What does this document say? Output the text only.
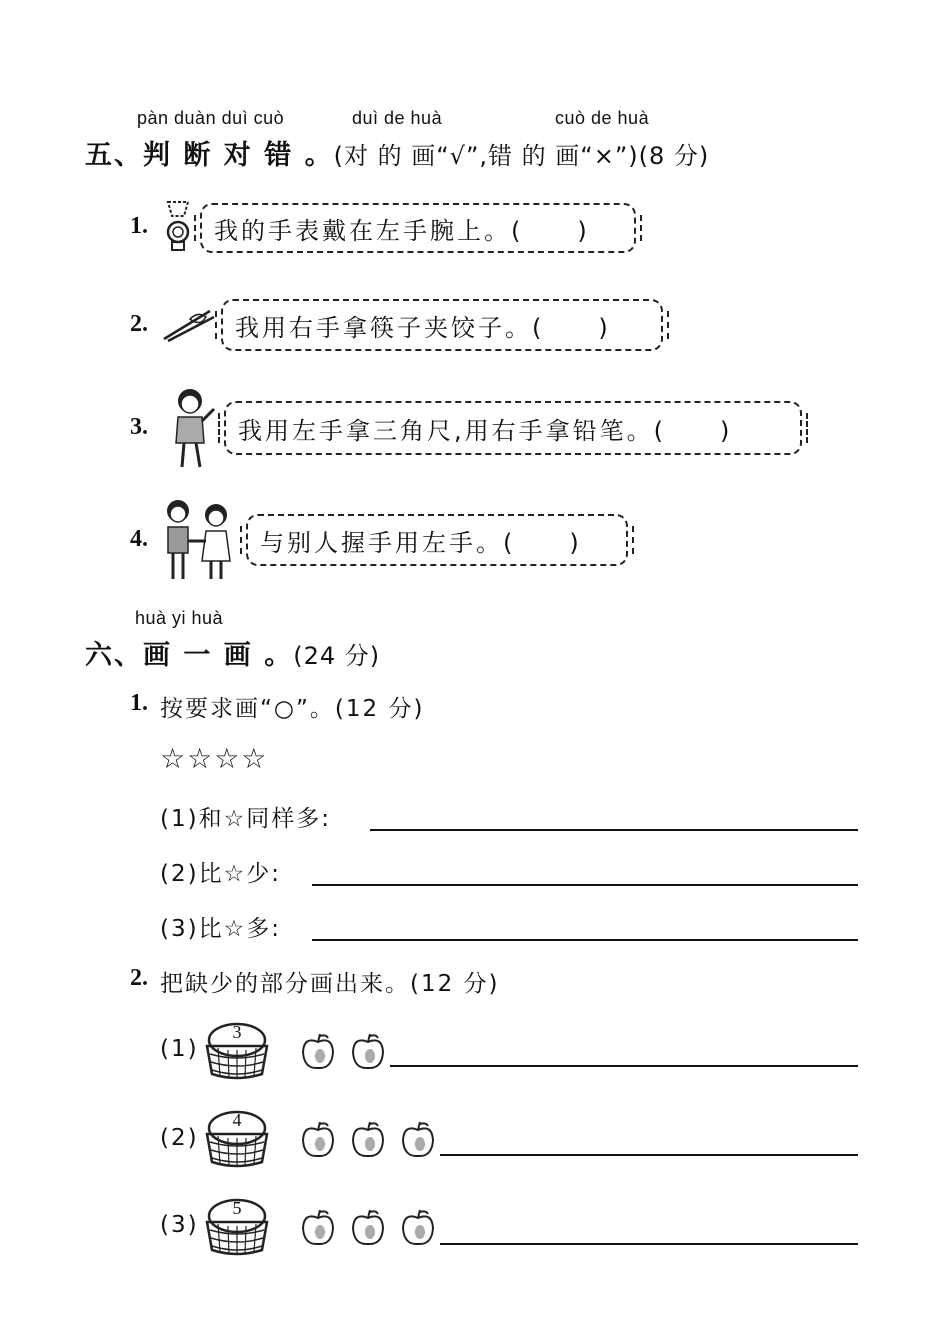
pàn duàn duì cuò	duì de huà	cuò de huà
五、判 断 对 错 。(对 的 画“√”,错 的 画“×”)(8 分)
1.	我的手表戴在左手腕上。(　　)
2.	我用右手拿筷子夹饺子。(　　)
3.	我用左手拿三角尺,用右手拿铅笔。(　　)
4.	与别人握手用左手。(　　)
huà yi huà
六、画 一 画 。(24 分)
1. 按要求画“○”。(12 分)
☆☆☆☆
(1)和☆同样多:
(2)比☆少:
(3)比☆多:
2. 把缺少的部分画出来。(12 分)
(1)
3
(2)
4
(3)
5
